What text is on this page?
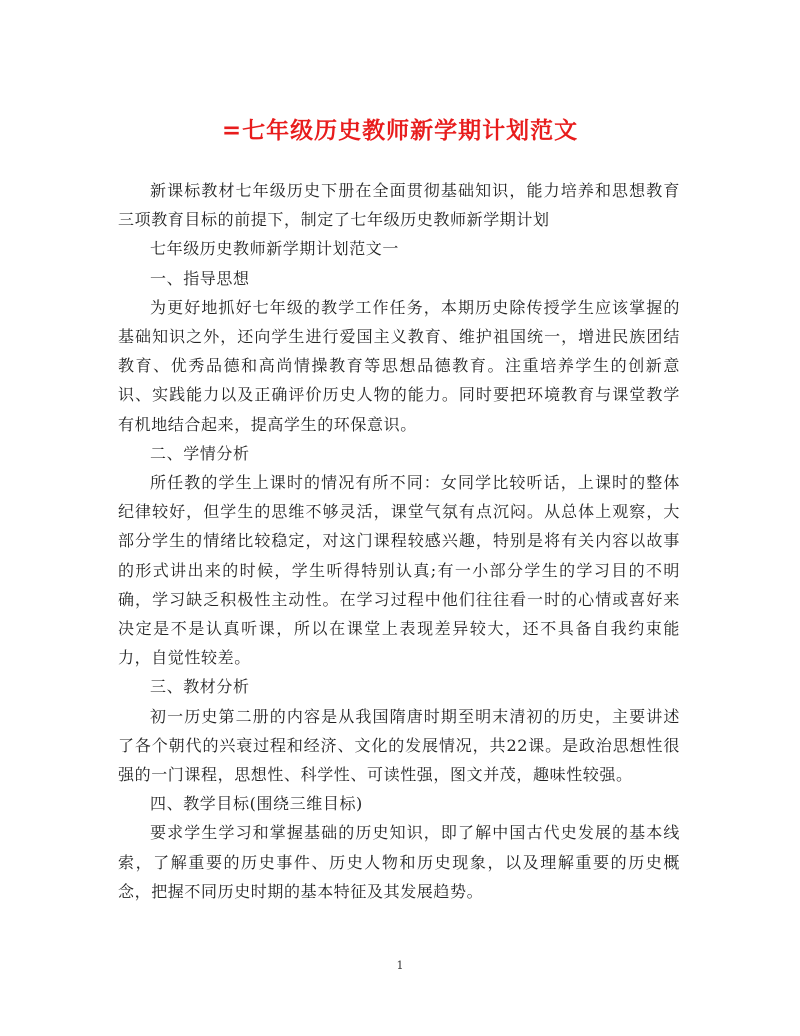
=七年级历史教师新学期计划范文

新课标教材七年级历史下册在全面贯彻基础知识，能力培养和思想教育三项教育目标的前提下，制定了七年级历史教师新学期计划

七年级历史教师新学期计划范文一

一、指导思想

为更好地抓好七年级的教学工作任务，本期历史除传授学生应该掌握的基础知识之外，还向学生进行爱国主义教育、维护祖国统一，增进民族团结教育、优秀品德和高尚情操教育等思想品德教育。注重培养学生的创新意识、实践能力以及正确评价历史人物的能力。同时要把环境教育与课堂教学有机地结合起来，提高学生的环保意识。

二、学情分析

所任教的学生上课时的情况有所不同：女同学比较听话，上课时的整体纪律较好，但学生的思维不够灵活，课堂气氛有点沉闷。从总体上观察，大部分学生的情绪比较稳定，对这门课程较感兴趣，特别是将有关内容以故事的形式讲出来的时候，学生听得特别认真;有一小部分学生的学习目的不明确，学习缺乏积极性主动性。在学习过程中他们往往看一时的心情或喜好来决定是不是认真听课，所以在课堂上表现差异较大，还不具备自我约束能力，自觉性较差。

三、教材分析

初一历史第二册的内容是从我国隋唐时期至明末清初的历史，主要讲述了各个朝代的兴衰过程和经济、文化的发展情况，共22课。是政治思想性很强的一门课程，思想性、科学性、可读性强，图文并茂，趣味性较强。

四、教学目标(围绕三维目标)

要求学生学习和掌握基础的历史知识，即了解中国古代史发展的基本线索，了解重要的历史事件、历史人物和历史现象，以及理解重要的历史概念，把握不同历史时期的基本特征及其发展趋势。

1
